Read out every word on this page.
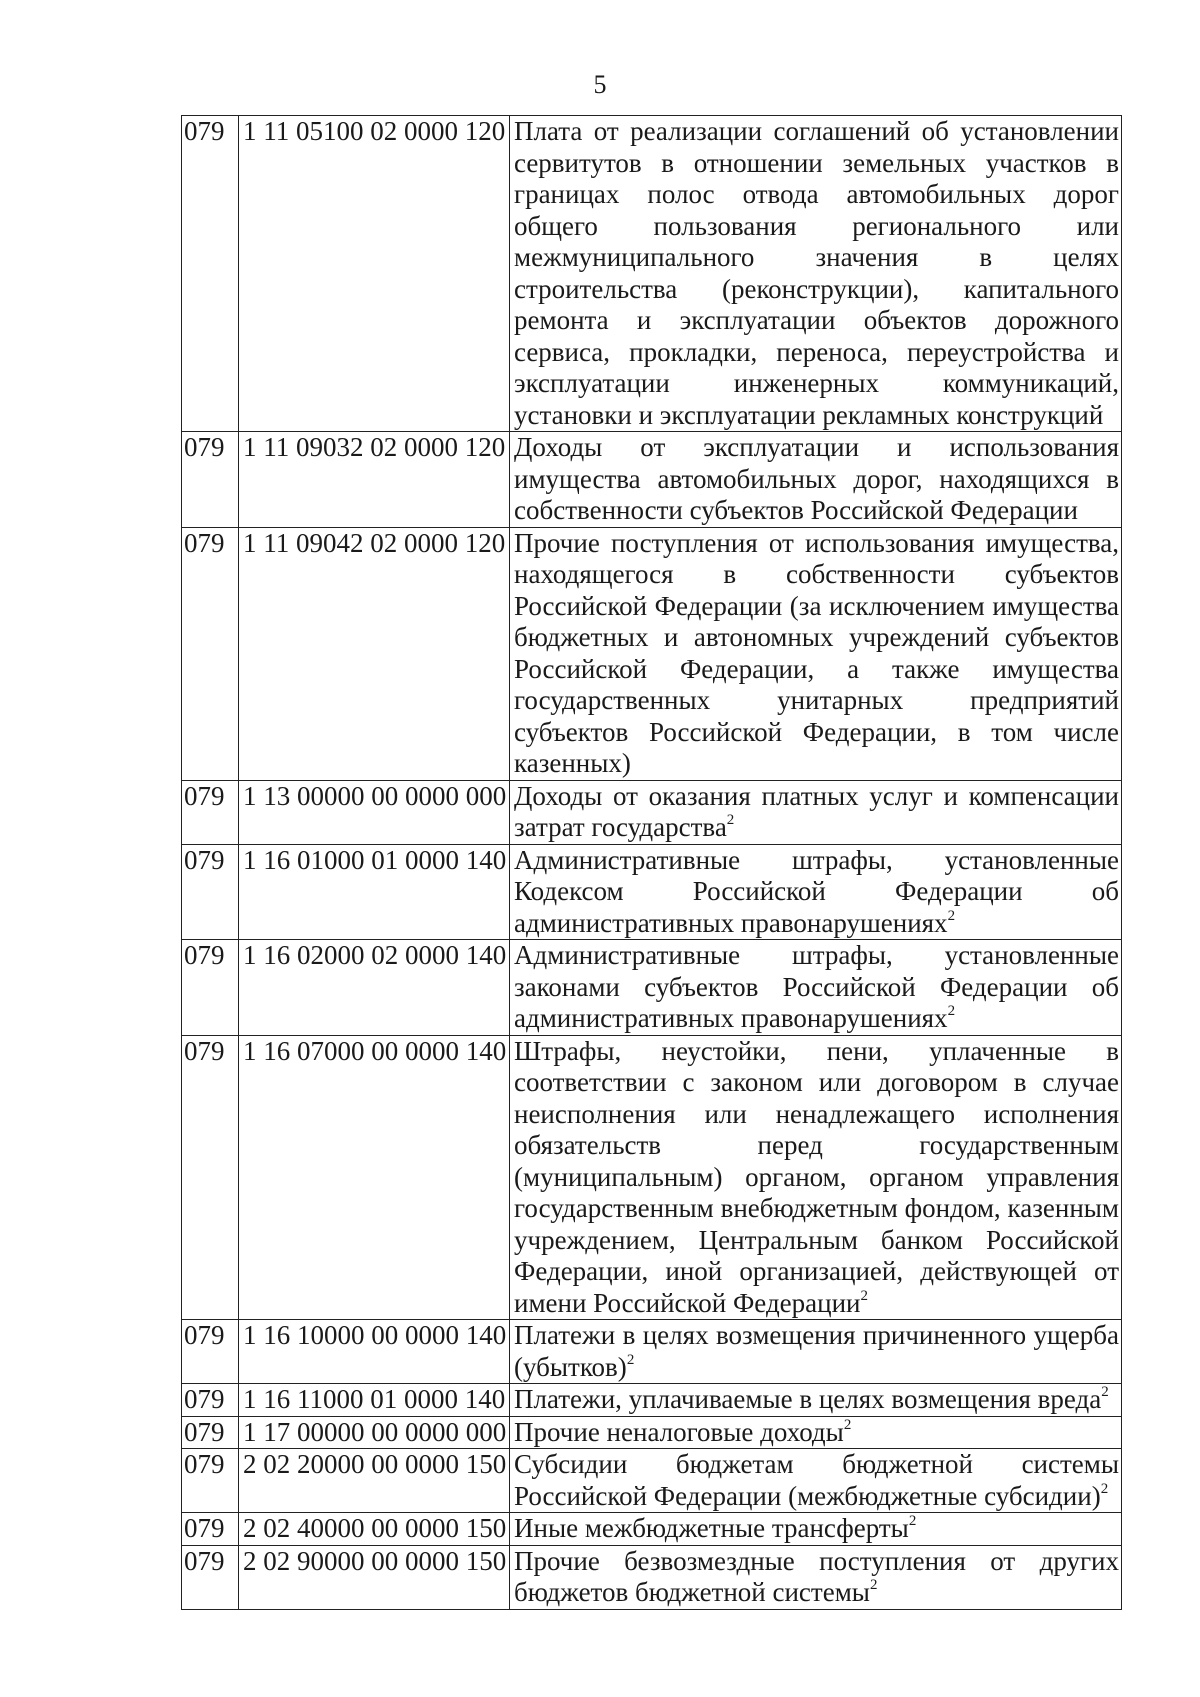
5
079	1 11 05100 02 0000 120	Плата от реализации соглашений об установлении сервитутов в отношении земельных участков в границах полос отвода автомобильных дорог общего пользования регионального или межмуниципального значения в целях строительства (реконструкции), капитального ремонта и эксплуатации объектов дорожного сервиса, прокладки, переноса, переустройства и эксплуатации инженерных коммуникаций, установки и эксплуатации рекламных конструкций
079	1 11 09032 02 0000 120	Доходы от эксплуатации и использования имущества автомобильных дорог, находящихся в собственности субъектов Российской Федерации
079	1 11 09042 02 0000 120	Прочие поступления от использования имущества, находящегося в собственности субъектов Российской Федерации (за исключением имущества бюджетных и автономных учреждений субъектов Российской Федерации, а также имущества государственных унитарных предприятий субъектов Российской Федерации, в том числе казенных)
079	1 13 00000 00 0000 000	Доходы от оказания платных услуг и компенсации затрат государства$^2$
079	1 16 01000 01 0000 140	Административные штрафы, установленные Кодексом Российской Федерации об административных правонарушениях$^2$
079	1 16 02000 02 0000 140	Административные штрафы, установленные законами субъектов Российской Федерации об административных правонарушениях$^2$
079	1 16 07000 00 0000 140	Штрафы, неустойки, пени, уплаченные в соответствии с законом или договором в случае неисполнения или ненадлежащего исполнения обязательств перед государственным (муниципальным) органом, органом управления государственным внебюджетным фондом, казенным учреждением, Центральным банком Российской Федерации, иной организацией, действующей от имени Российской Федерации$^2$
079	1 16 10000 00 0000 140	Платежи в целях возмещения причиненного ущерба (убытков)$^2$
079	1 16 11000 01 0000 140	Платежи, уплачиваемые в целях возмещения вреда$^2$
079	1 17 00000 00 0000 000	Прочие неналоговые доходы$^2$
079	2 02 20000 00 0000 150	Субсидии бюджетам бюджетной системы Российской Федерации (межбюджетные субсидии)$^2$
079	2 02 40000 00 0000 150	Иные межбюджетные трансферты$^2$
079	2 02 90000 00 0000 150	Прочие безвозмездные поступления от других бюджетов бюджетной системы$^2$
